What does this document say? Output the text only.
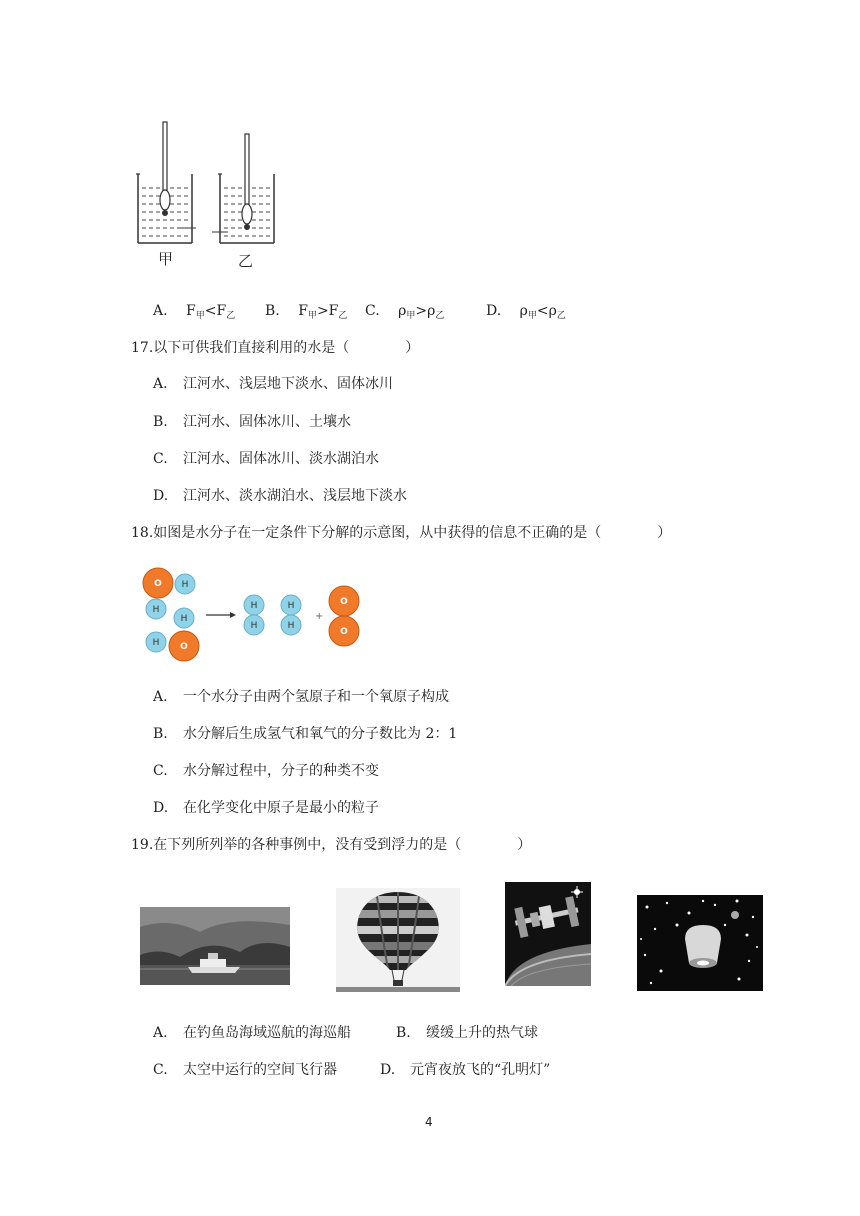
甲	乙
A. $F_甲<F_乙$ B. $F_甲>F_乙$ C. $\rho_甲>\rho_乙$	D. $\rho_甲<\rho_乙$
17.以下可供我们直接利用的水是（　　　　）
A. 江河水、浅层地下淡水、固体冰川
B. 江河水、固体冰川、土壤水
C. 江河水、固体冰川、淡水湖泊水
D. 江河水、淡水湖泊水、浅层地下淡水
18.如图是水分子在一定条件下分解的示意图，从中获得的信息不正确的是（　　　　）
O H
H
H
H O
H
H
H
H
+
O
O
A. 一个水分子由两个氢原子和一个氧原子构成
B. 水分解后生成氢气和氧气的分子数比为 2：1
C. 水分解过程中，分子的种类不变
D. 在化学变化中原子是最小的粒子
19.在下列所列举的各种事例中，没有受到浮力的是（　　　　）
A. 在钓鱼岛海域巡航的海巡船	B. 缓缓上升的热气球
C. 太空中运行的空间飞行器	D. 元宵夜放飞的“孔明灯”
4
